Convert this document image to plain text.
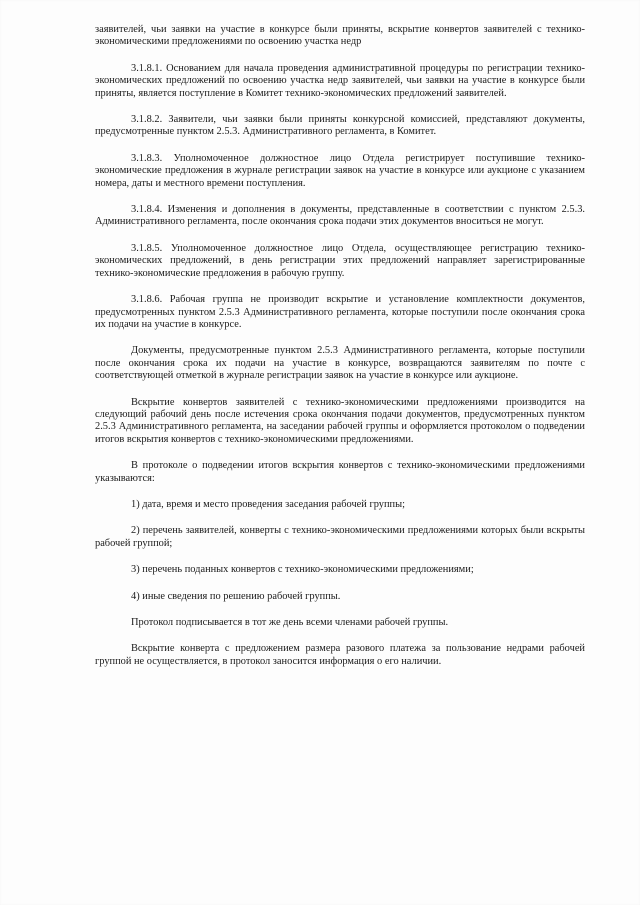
заявителей, чьи заявки на участие в конкурсе были приняты, вскрытие конвертов заявителей с технико-экономическими предложениями по освоению участка недр

3.1.8.1. Основанием для начала проведения административной процедуры по регистрации технико-экономических предложений по освоению участка недр заявителей, чьи заявки на участие в конкурсе были приняты, является поступление в Комитет технико-экономических предложений заявителей.

3.1.8.2. Заявители, чьи заявки были приняты конкурсной комиссией, представляют документы, предусмотренные пунктом 2.5.3. Административного регламента, в Комитет.

3.1.8.3. Уполномоченное должностное лицо Отдела регистрирует поступившие технико-экономические предложения в журнале регистрации заявок на участие в конкурсе или аукционе с указанием номера, даты и местного времени поступления.

3.1.8.4. Изменения и дополнения в документы, представленные в соответствии с пунктом 2.5.3. Административного регламента, после окончания срока подачи этих документов вноситься не могут.

3.1.8.5. Уполномоченное должностное лицо Отдела, осуществляющее регистрацию технико-экономических предложений, в день регистрации этих предложений направляет зарегистрированные технико-экономические предложения в рабочую группу.

3.1.8.6. Рабочая группа не производит вскрытие и установление комплектности документов, предусмотренных пунктом 2.5.3 Административного регламента, которые поступили после окончания срока их подачи на участие в конкурсе.

Документы, предусмотренные пунктом 2.5.3 Административного регламента, которые поступили после окончания срока их подачи на участие в конкурсе, возвращаются заявителям по почте с соответствующей отметкой в журнале регистрации заявок на участие в конкурсе или аукционе.

Вскрытие конвертов заявителей с технико-экономическими предложениями производится на следующий рабочий день после истечения срока окончания подачи документов, предусмотренных пунктом 2.5.3 Административного регламента, на заседании рабочей группы и оформляется протоколом о подведении итогов вскрытия конвертов с технико-экономическими предложениями.

В протоколе о подведении итогов вскрытия конвертов с технико-экономическими предложениями указываются:

1) дата, время и место проведения заседания рабочей группы;

2) перечень заявителей, конверты с технико-экономическими предложениями которых были вскрыты рабочей группой;

3) перечень поданных конвертов с технико-экономическими предложениями;

4) иные сведения по решению рабочей группы.

Протокол подписывается в тот же день всеми членами рабочей группы.

Вскрытие конверта с предложением размера разового платежа за пользование недрами рабочей группой не осуществляется, в протокол заносится информация о его наличии.
